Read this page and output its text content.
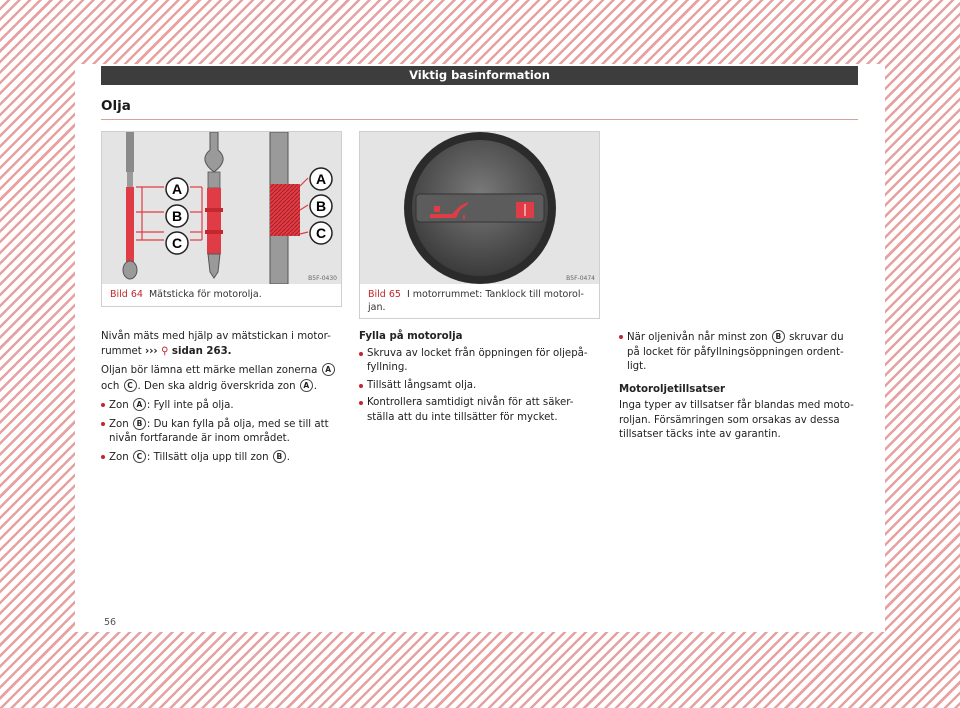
Viktig basinformation
Olja
A
B
C
A
B
C
B5F-0430
Bild 64 Mätsticka för motorolja.
B5F-0474
Bild 65 I motorrummet: Tanklock till motorol-jan.

Nivån mäts med hjälp av mätstickan i motor-rummet ››› ⚲ sidan 263.

Oljan bör lämna ett märke mellan zonerna A och C . Den ska aldrig överskrida zon A .

Zon A : Fyll inte på olja.
Zon B : Du kan fylla på olja, med se till att nivån fortfarande är inom området.
Zon C : Tillsätt olja upp till zon B .
Fylla på motorolja
Skruva av locket från öppningen för oljepå-fyllning.
Tillsätt långsamt olja.
Kontrollera samtidigt nivån för att säker-ställa att du inte tillsätter för mycket.
När oljenivån når minst zon B skruvar du på locket för påfyllningsöppningen ordent-ligt.
Motoroljetillsatser

Inga typer av tillsatser får blandas med moto-roljan. Försämringen som orsakas av dessa tillsatser täcks inte av garantin.

56
